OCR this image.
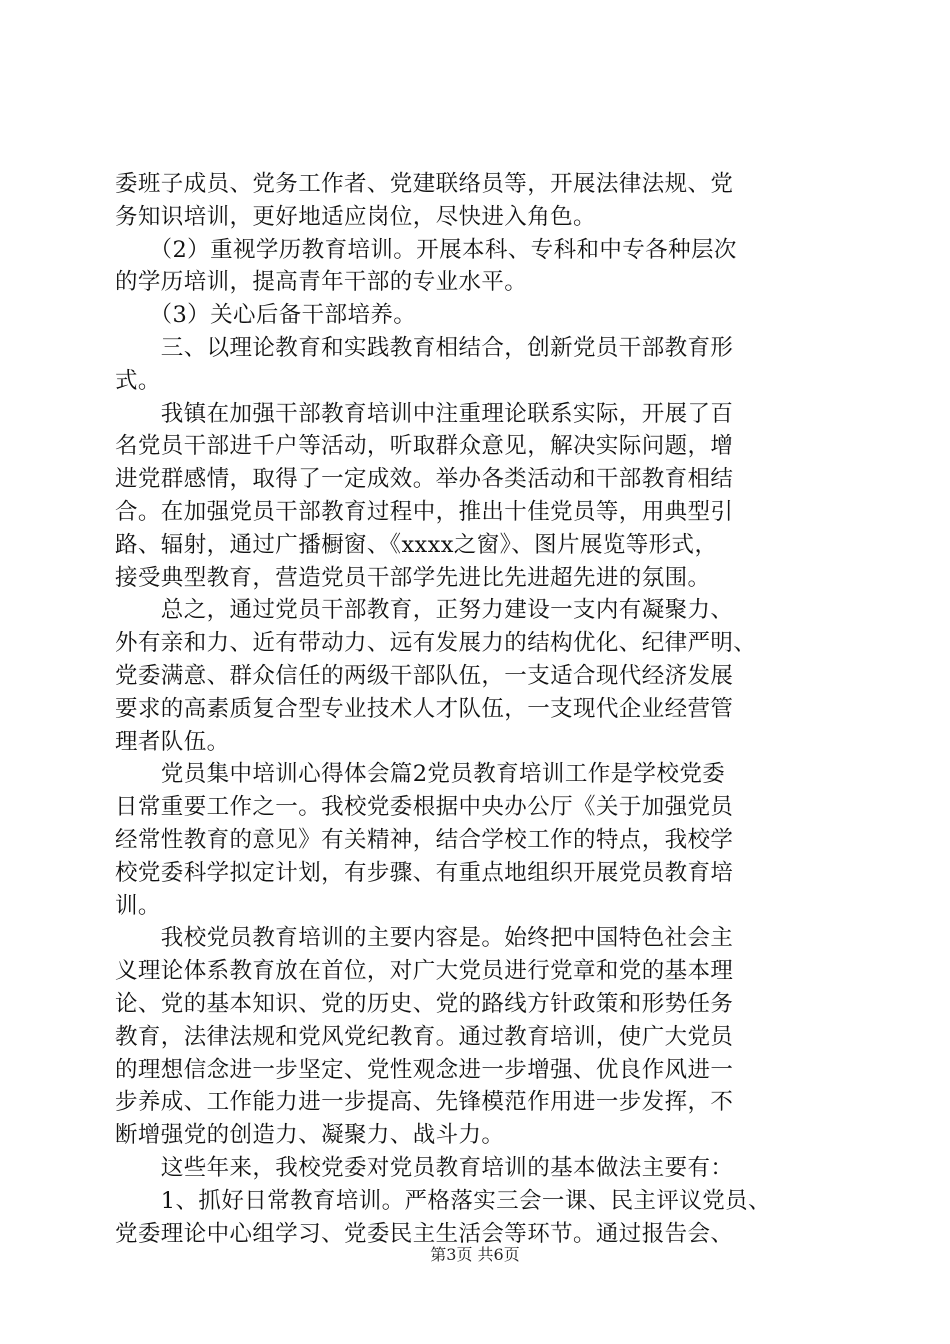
委班子成员、党务工作者、党建联络员等，开展法律法规、党
务知识培训，更好地适应岗位，尽快进入角色。
　　（2）重视学历教育培训。开展本科、专科和中专各种层次
的学历培训，提高青年干部的专业水平。
　　（3）关心后备干部培养。
　　三、以理论教育和实践教育相结合，创新党员干部教育形
式。
　　我镇在加强干部教育培训中注重理论联系实际，开展了百
名党员干部进千户等活动，听取群众意见，解决实际问题，增
进党群感情，取得了一定成效。举办各类活动和干部教育相结
合。在加强党员干部教育过程中，推出十佳党员等，用典型引
路、辐射，通过广播橱窗、《xxxx之窗》、图片展览等形式，
接受典型教育，营造党员干部学先进比先进超先进的氛围。
　　总之，通过党员干部教育，正努力建设一支内有凝聚力、
外有亲和力、近有带动力、远有发展力的结构优化、纪律严明、
党委满意、群众信任的两级干部队伍，一支适合现代经济发展
要求的高素质复合型专业技术人才队伍，一支现代企业经营管
理者队伍。
　　党员集中培训心得体会篇2党员教育培训工作是学校党委
日常重要工作之一。我校党委根据中央办公厅《关于加强党员
经常性教育的意见》有关精神，结合学校工作的特点，我校学
校党委科学拟定计划，有步骤、有重点地组织开展党员教育培
训。
　　我校党员教育培训的主要内容是。始终把中国特色社会主
义理论体系教育放在首位，对广大党员进行党章和党的基本理
论、党的基本知识、党的历史、党的路线方针政策和形势任务
教育，法律法规和党风党纪教育。通过教育培训，使广大党员
的理想信念进一步坚定、党性观念进一步增强、优良作风进一
步养成、工作能力进一步提高、先锋模范作用进一步发挥，不
断增强党的创造力、凝聚力、战斗力。
　　这些年来，我校党委对党员教育培训的基本做法主要有：
　　1、抓好日常教育培训。严格落实三会一课、民主评议党员、
党委理论中心组学习、党委民主生活会等环节。通过报告会、
第3页 共6页
